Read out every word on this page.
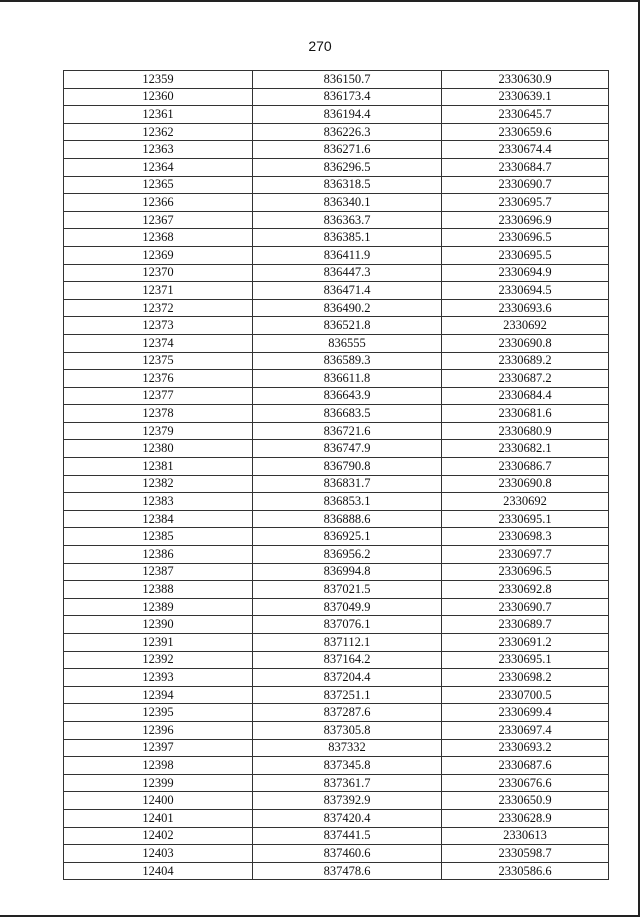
270
12359	836150.7	2330630.9
12360	836173.4	2330639.1
12361	836194.4	2330645.7
12362	836226.3	2330659.6
12363	836271.6	2330674.4
12364	836296.5	2330684.7
12365	836318.5	2330690.7
12366	836340.1	2330695.7
12367	836363.7	2330696.9
12368	836385.1	2330696.5
12369	836411.9	2330695.5
12370	836447.3	2330694.9
12371	836471.4	2330694.5
12372	836490.2	2330693.6
12373	836521.8	2330692
12374	836555	2330690.8
12375	836589.3	2330689.2
12376	836611.8	2330687.2
12377	836643.9	2330684.4
12378	836683.5	2330681.6
12379	836721.6	2330680.9
12380	836747.9	2330682.1
12381	836790.8	2330686.7
12382	836831.7	2330690.8
12383	836853.1	2330692
12384	836888.6	2330695.1
12385	836925.1	2330698.3
12386	836956.2	2330697.7
12387	836994.8	2330696.5
12388	837021.5	2330692.8
12389	837049.9	2330690.7
12390	837076.1	2330689.7
12391	837112.1	2330691.2
12392	837164.2	2330695.1
12393	837204.4	2330698.2
12394	837251.1	2330700.5
12395	837287.6	2330699.4
12396	837305.8	2330697.4
12397	837332	2330693.2
12398	837345.8	2330687.6
12399	837361.7	2330676.6
12400	837392.9	2330650.9
12401	837420.4	2330628.9
12402	837441.5	2330613
12403	837460.6	2330598.7
12404	837478.6	2330586.6
